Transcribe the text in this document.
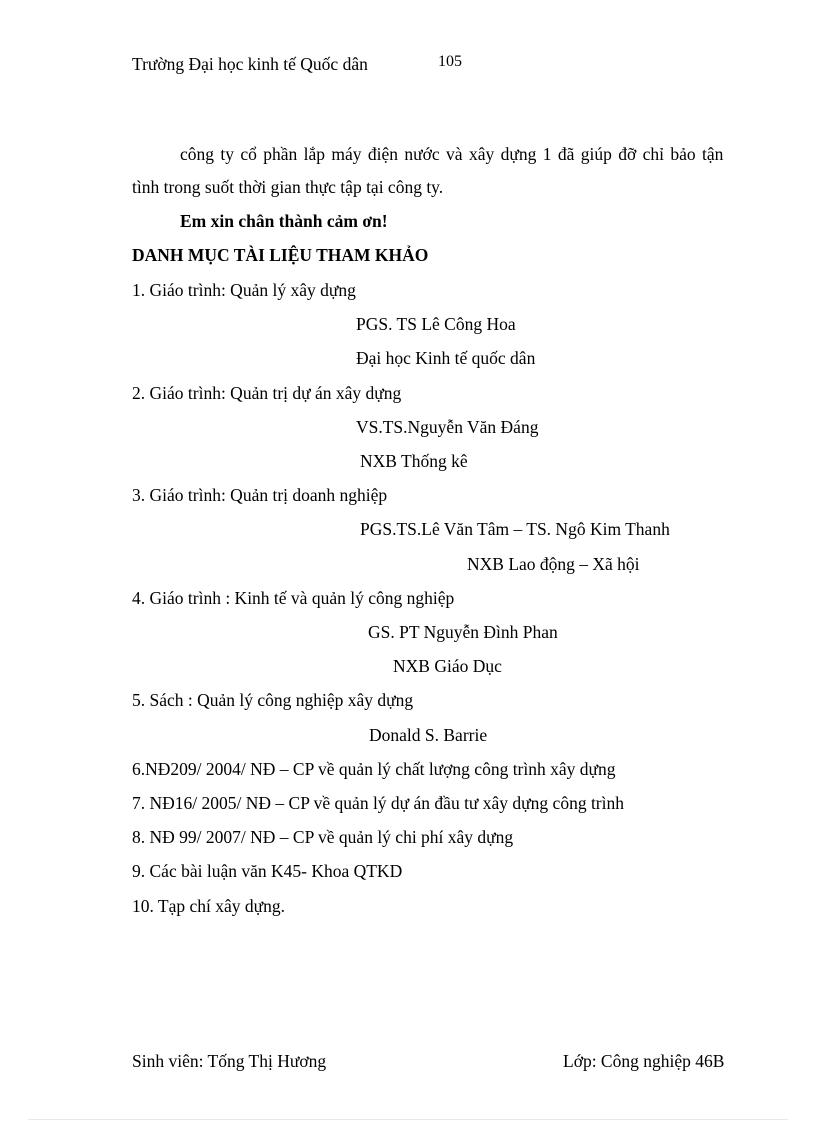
Trường Đại học kinh tế Quốc dân	105
công ty cổ phần lắp máy điện nước và xây dựng 1 đã giúp đỡ chỉ bảo tận
tình trong suốt thời gian thực tập tại công ty.
Em xin chân thành cảm ơn!
DANH MỤC TÀI LIỆU THAM KHẢO
1. Giáo trình: Quản lý xây dựng
PGS. TS Lê Công Hoa
Đại học Kinh tế quốc dân
2. Giáo trình: Quản trị dự án xây dựng
VS.TS.Nguyễn Văn Đáng
NXB Thống kê
3. Giáo trình: Quản trị doanh nghiệp
PGS.TS.Lê Văn Tâm – TS. Ngô Kim Thanh
NXB Lao động – Xã hội
4. Giáo trình : Kinh tế và quản lý công nghiệp
GS. PT Nguyễn Đình Phan
NXB Giáo Dục
5. Sách : Quản lý công nghiệp xây dựng
Donald S. Barrie
6.NĐ209/ 2004/ NĐ – CP về quản lý chất lượng công trình xây dựng
7. NĐ16/ 2005/ NĐ – CP về quản lý dự án đầu tư xây dựng công trình
8. NĐ 99/ 2007/ NĐ – CP về quản lý chi phí xây dựng
9. Các bài luận văn K45- Khoa QTKD
10. Tạp chí xây dựng.
Sinh viên: Tống Thị Hương	Lớp: Công nghiệp 46B
